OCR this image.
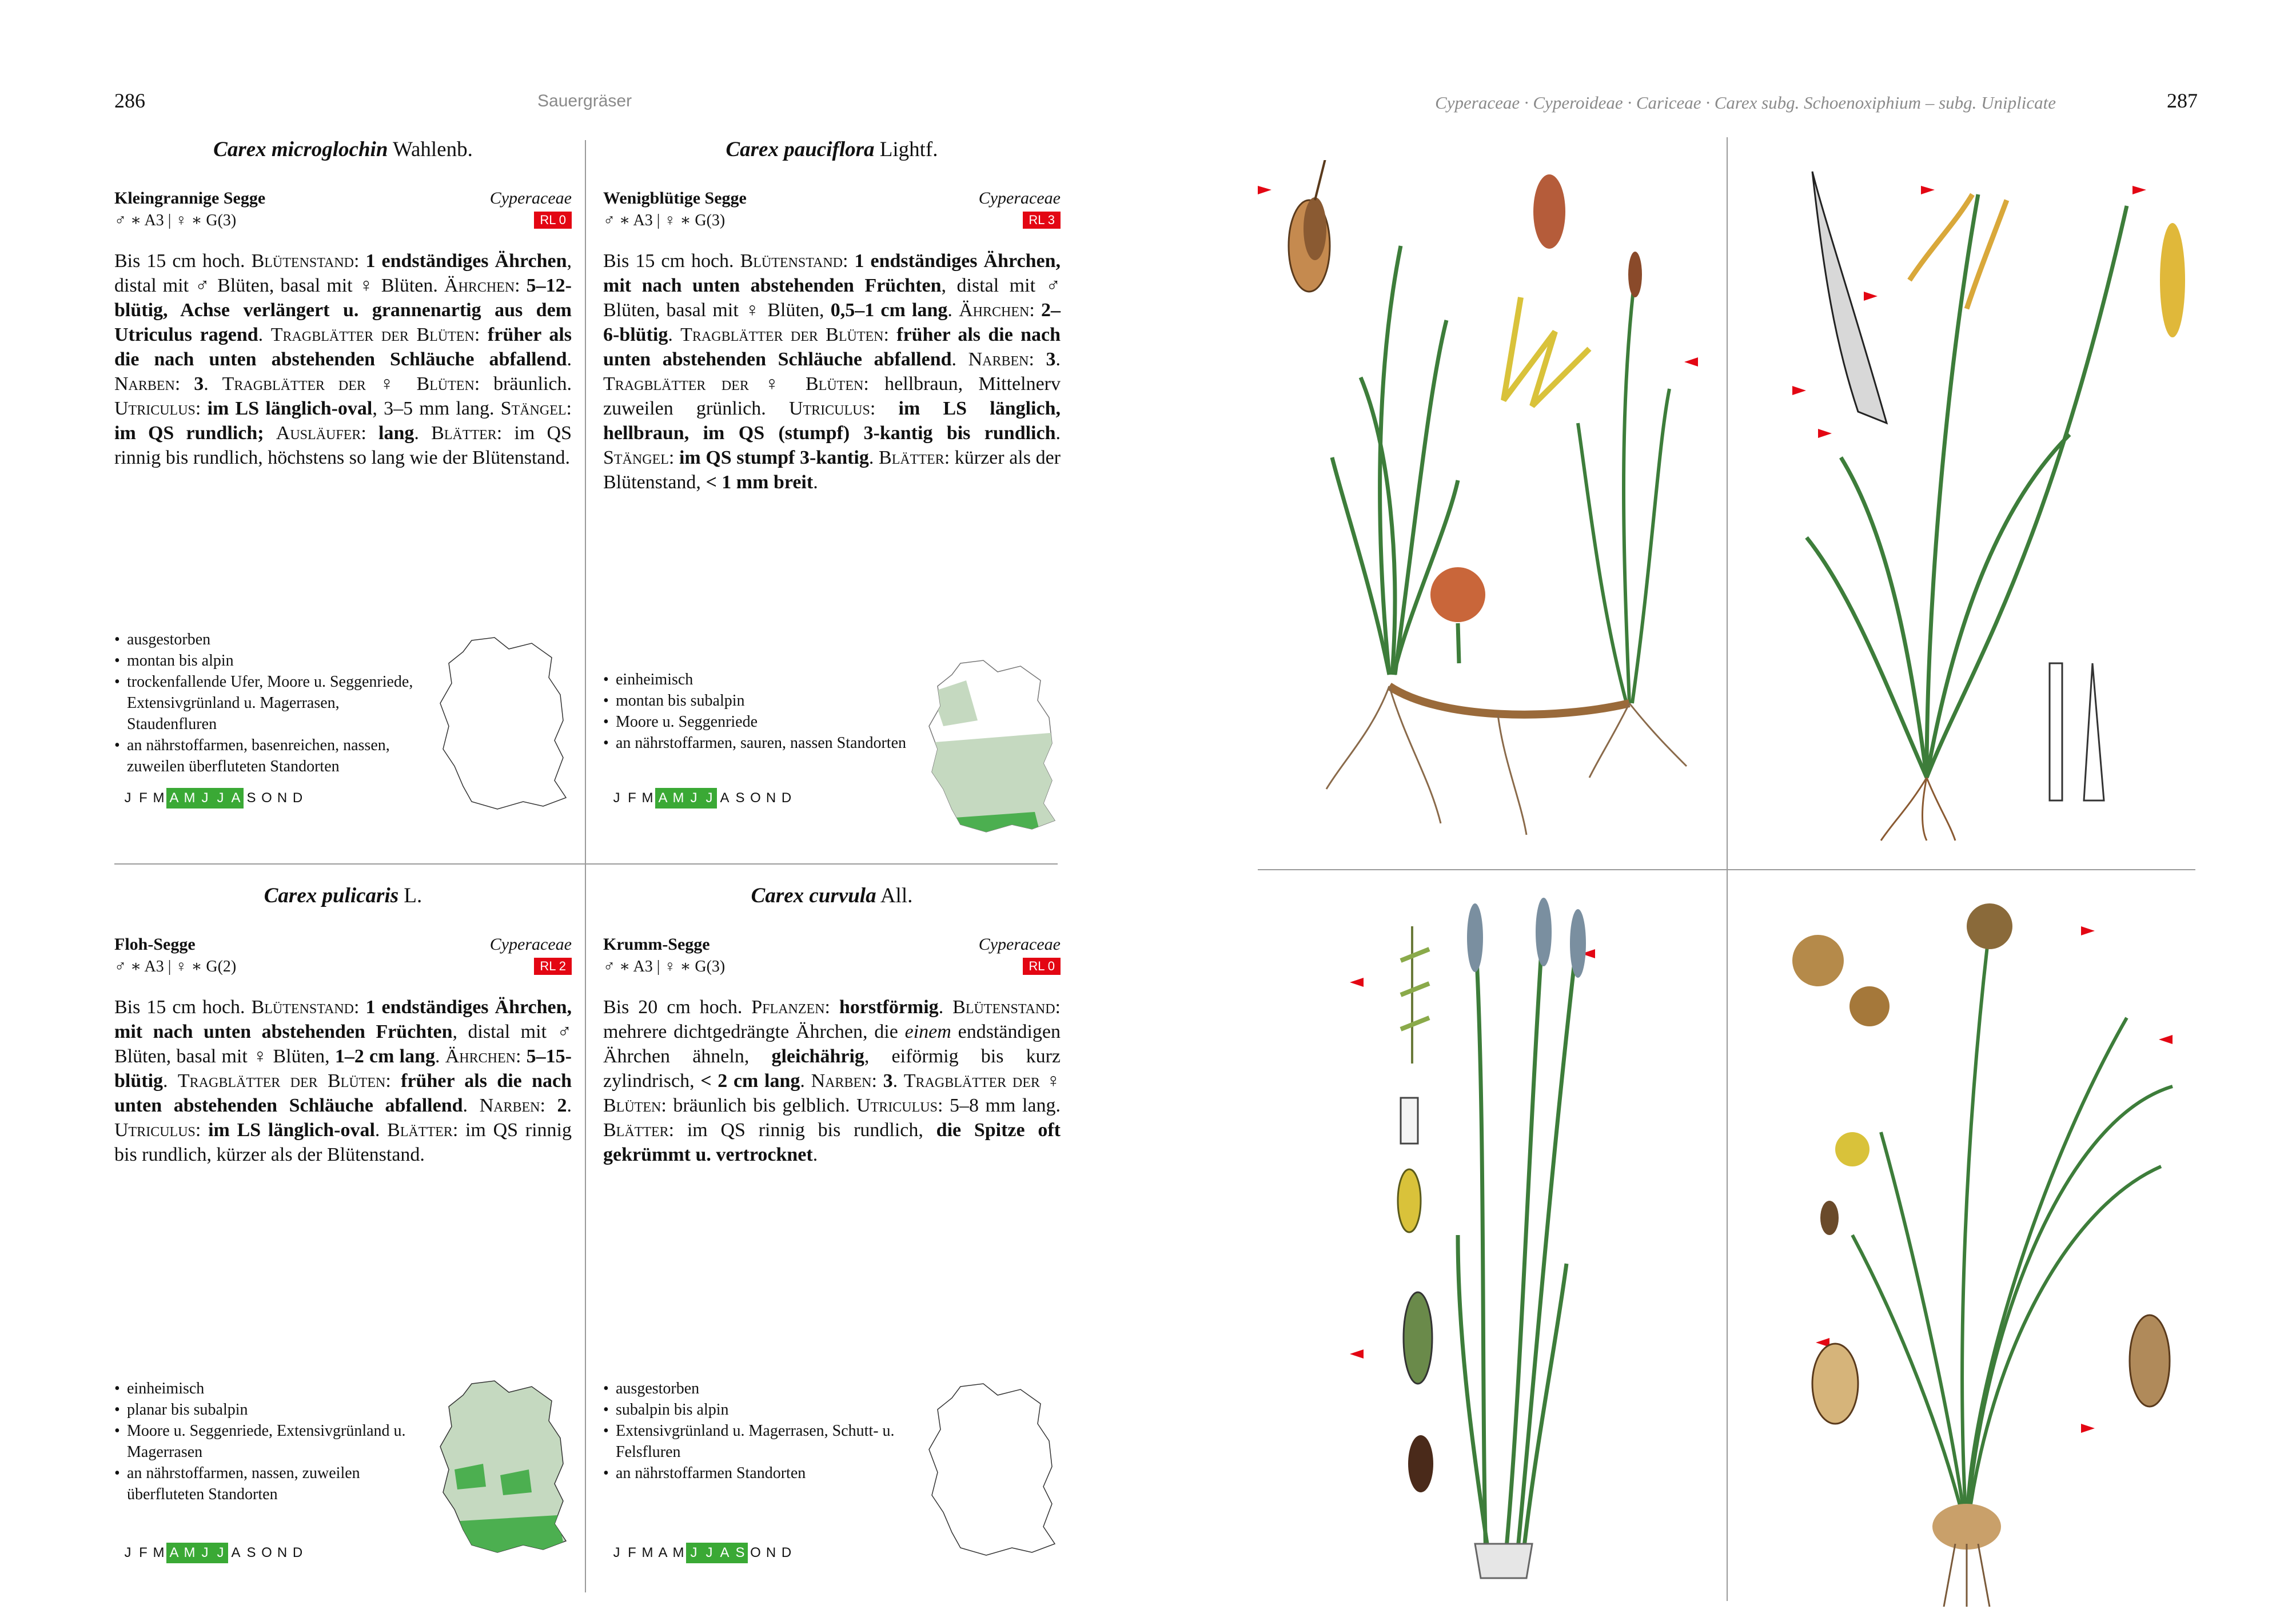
286	Sauergräser	Cyperaceae · Cyperoideae · Cariceae · Carex subg. Schoenoxiphium – subg. Uniplicate	287
Carex microglochin Wahlenb.
Kleingrannige Segge	Cyperaceae
♂ ∗ A3 | ♀ ∗ G(3)	RL 0
Bis 15 cm hoch. Blütenstand: 1 endständiges Ährchen, distal mit ♂ Blüten, basal mit ♀ Blüten. Ährchen: 5–12-blütig, Achse verlängert u. grannenartig aus dem Utriculus ragend. Tragblätter der Blüten: früher als die nach unten abstehenden Schläuche abfallend. Narben: 3. Tragblätter der ♀ Blüten: bräunlich. Utriculus: im LS länglich-oval, 3–5 mm lang. Stängel: im QS rundlich; Ausläufer: lang. Blätter: im QS rinnig bis rundlich, höchstens so lang wie der Blütenstand.
• ausgestorben
• montan bis alpin
• trockenfallende Ufer, Moore u. Seggenriede, Extensivgrünland u. Magerrasen, Staudenfluren
• an nährstoffarmen, basenreichen, nassen, zuweilen überfluteten Standorten
J F M A M J J A S O N D
Carex pauciflora Lightf.
Wenigblütige Segge	Cyperaceae
♂ ∗ A3 | ♀ ∗ G(3)	RL 3
Bis 15 cm hoch. Blütenstand: 1 endständiges Ährchen, mit nach unten abstehenden Früchten, distal mit ♂ Blüten, basal mit ♀ Blüten, 0,5–1 cm lang. Ährchen: 2–6-blütig. Tragblätter der Blüten: früher als die nach unten abstehenden Schläuche abfallend. Narben: 3. Tragblätter der ♀ Blüten: hellbraun, Mittelnerv zuweilen grünlich. Utriculus: im LS länglich, hellbraun, im QS (stumpf) 3-kantig bis rundlich. Stängel: im QS stumpf 3-kantig. Blätter: kürzer als der Blütenstand, < 1 mm breit.
• einheimisch
• montan bis subalpin
• Moore u. Seggenriede
• an nährstoffarmen, sauren, nassen Standorten
J F M A M J J A S O N D
Carex pulicaris L.
Floh-Segge	Cyperaceae
♂ ∗ A3 | ♀ ∗ G(2)	RL 2
Bis 15 cm hoch. Blütenstand: 1 endständiges Ährchen, mit nach unten abstehenden Früchten, distal mit ♂ Blüten, basal mit ♀ Blüten, 1–2 cm lang. Ährchen: 5–15-blütig. Tragblätter der Blüten: früher als die nach unten abstehenden Schläuche abfallend. Narben: 2. Utriculus: im LS länglich-oval. Blätter: im QS rinnig bis rundlich, kürzer als der Blütenstand.
• einheimisch
• planar bis subalpin
• Moore u. Seggenriede, Extensivgrünland u. Magerrasen
• an nährstoffarmen, nassen, zuweilen überfluteten Standorten
J F M A M J J A S O N D
Carex curvula All.
Krumm-Segge	Cyperaceae
♂ ∗ A3 | ♀ ∗ G(3)	RL 0
Bis 20 cm hoch. Pflanzen: horstförmig. Blütenstand: mehrere dichtgedrängte Ährchen, die einem endständigen Ährchen ähneln, gleichährig, eiförmig bis kurz zylindrisch, < 2 cm lang. Narben: 3. Tragblätter der ♀ Blüten: bräunlich bis gelblich. Utriculus: 5–8 mm lang. Blätter: im QS rinnig bis rundlich, die Spitze oft gekrümmt u. vertrocknet.
• ausgestorben
• subalpin bis alpin
• Extensivgrünland u. Magerrasen, Schutt- u. Felsfluren
• an nährstoffarmen Standorten
J F M A M J J A S O N D
